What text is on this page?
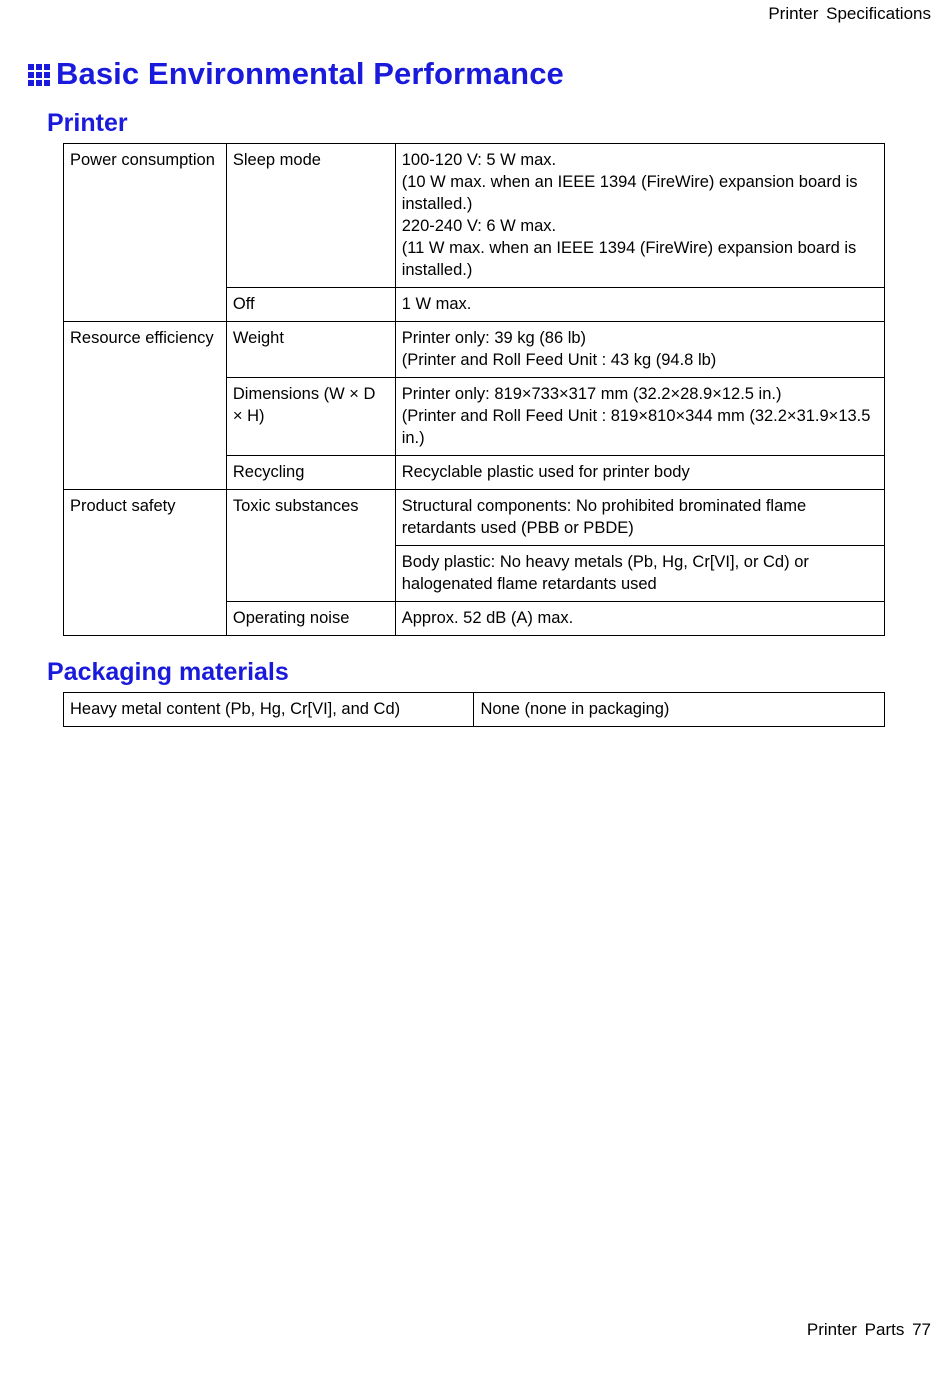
Printer Specifications
Basic Environmental Performance
Printer
Power consumption	Sleep mode	100-120 V: 5 W max.
(10 W max. when an IEEE 1394 (FireWire) expansion board is installed.)
220-240 V: 6 W max.
(11 W max. when an IEEE 1394 (FireWire) expansion board is installed.)

	Off	1 W max.
Resource efficiency	Weight	Printer only: 39 kg (86 lb)
(Printer and Roll Feed Unit : 43 kg (94.8 lb)

	Dimensions (W × D × H)	Printer only: 819×733×317 mm (32.2×28.9×12.5 in.)
(Printer and Roll Feed Unit : 819×810×344 mm (32.2×31.9×13.5 in.)

	Recycling	Recyclable plastic used for printer body
Product safety	Toxic substances	Structural components: No prohibited brominated flame retardants used (PBB or PBDE)
		Body plastic: No heavy metals (Pb, Hg, Cr[VI], or Cd) or halogenated flame retardants used
	Operating noise	Approx. 52 dB (A) max.
Packaging materials
Heavy metal content (Pb, Hg, Cr[VI], and Cd)	None (none in packaging)
Printer Parts 77
